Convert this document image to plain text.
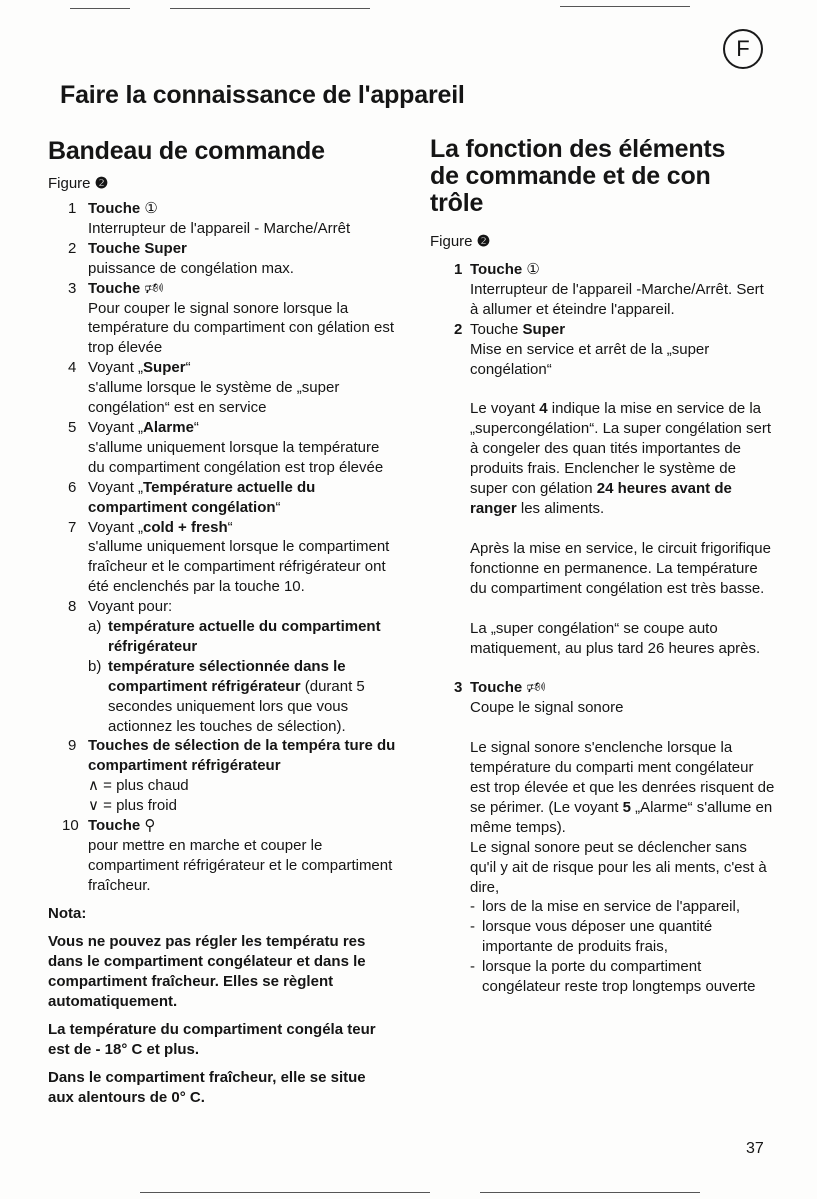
F
Faire la connaissance de l'appareil
Bandeau de commande
Figure ❷
1 Touche ①
Interrupteur de l'appareil - Marche/Arrêt
2 Touche Super
puissance de congélation max.
3 Touche 🕬
Pour couper le signal sonore lorsque la température du compartiment con gélation est trop élevée
4 Voyant „Super“
s'allume lorsque le système de „super congélation“ est en service
5 Voyant „Alarme“
s'allume uniquement lorsque la température du compartiment congélation est trop élevée
6 Voyant „Température actuelle du compartiment congélation“
7 Voyant „cold + fresh“
s'allume uniquement lorsque le compartiment fraîcheur et le compartiment réfrigérateur ont été enclenchés par la touche 10.
8 Voyant pour:
a) température actuelle du compartiment réfrigérateur
b) température sélectionnée dans le compartiment réfrigérateur (durant 5 secondes uniquement lors que vous actionnez les touches de sélection).
9 Touches de sélection de la tempéra ture du compartiment réfrigérateur
∧ = plus chaud
∨ = plus froid
10 Touche ⚲
pour mettre en marche et couper le compartiment réfrigérateur et le compartiment fraîcheur.

Nota:

Vous ne pouvez pas régler les températu res dans le compartiment congélateur et dans le compartiment fraîcheur. Elles se règlent automatiquement.

La température du compartiment congéla teur est de - 18° C et plus.

Dans le compartiment fraîcheur, elle se situe aux alentours de 0° C.

La fonction des éléments de commande et de con trôle
Figure ❷
1 Touche ①
Interrupteur de l'appareil -Marche/Arrêt. Sert à allumer et éteindre l'appareil.
2 Touche Super
Mise en service et arrêt de la „super congélation“
Le voyant 4 indique la mise en service de la „supercongélation“. La super congélation sert à congeler des quan tités importantes de produits frais. Enclencher le système de super con gélation 24 heures avant de ranger les aliments.
Après la mise en service, le circuit frigorifique fonctionne en permanence. La température du compartiment congélation est très basse.
La „super congélation“ se coupe auto matiquement, au plus tard 26 heures après.
3 Touche 🕬
Coupe le signal sonore
Le signal sonore s'enclenche lorsque la température du comparti ment congélateur est trop élevée et que les denrées risquent de se périmer. (Le voyant 5 „Alarme“ s'allume en même temps).
Le signal sonore peut se déclencher sans qu'il y ait de risque pour les ali ments, c'est à dire,
- lors de la mise en service de l'appareil,
- lorsque vous déposer une quantité importante de produits frais,
- lorsque la porte du compartiment congélateur reste trop longtemps ouverte
37
